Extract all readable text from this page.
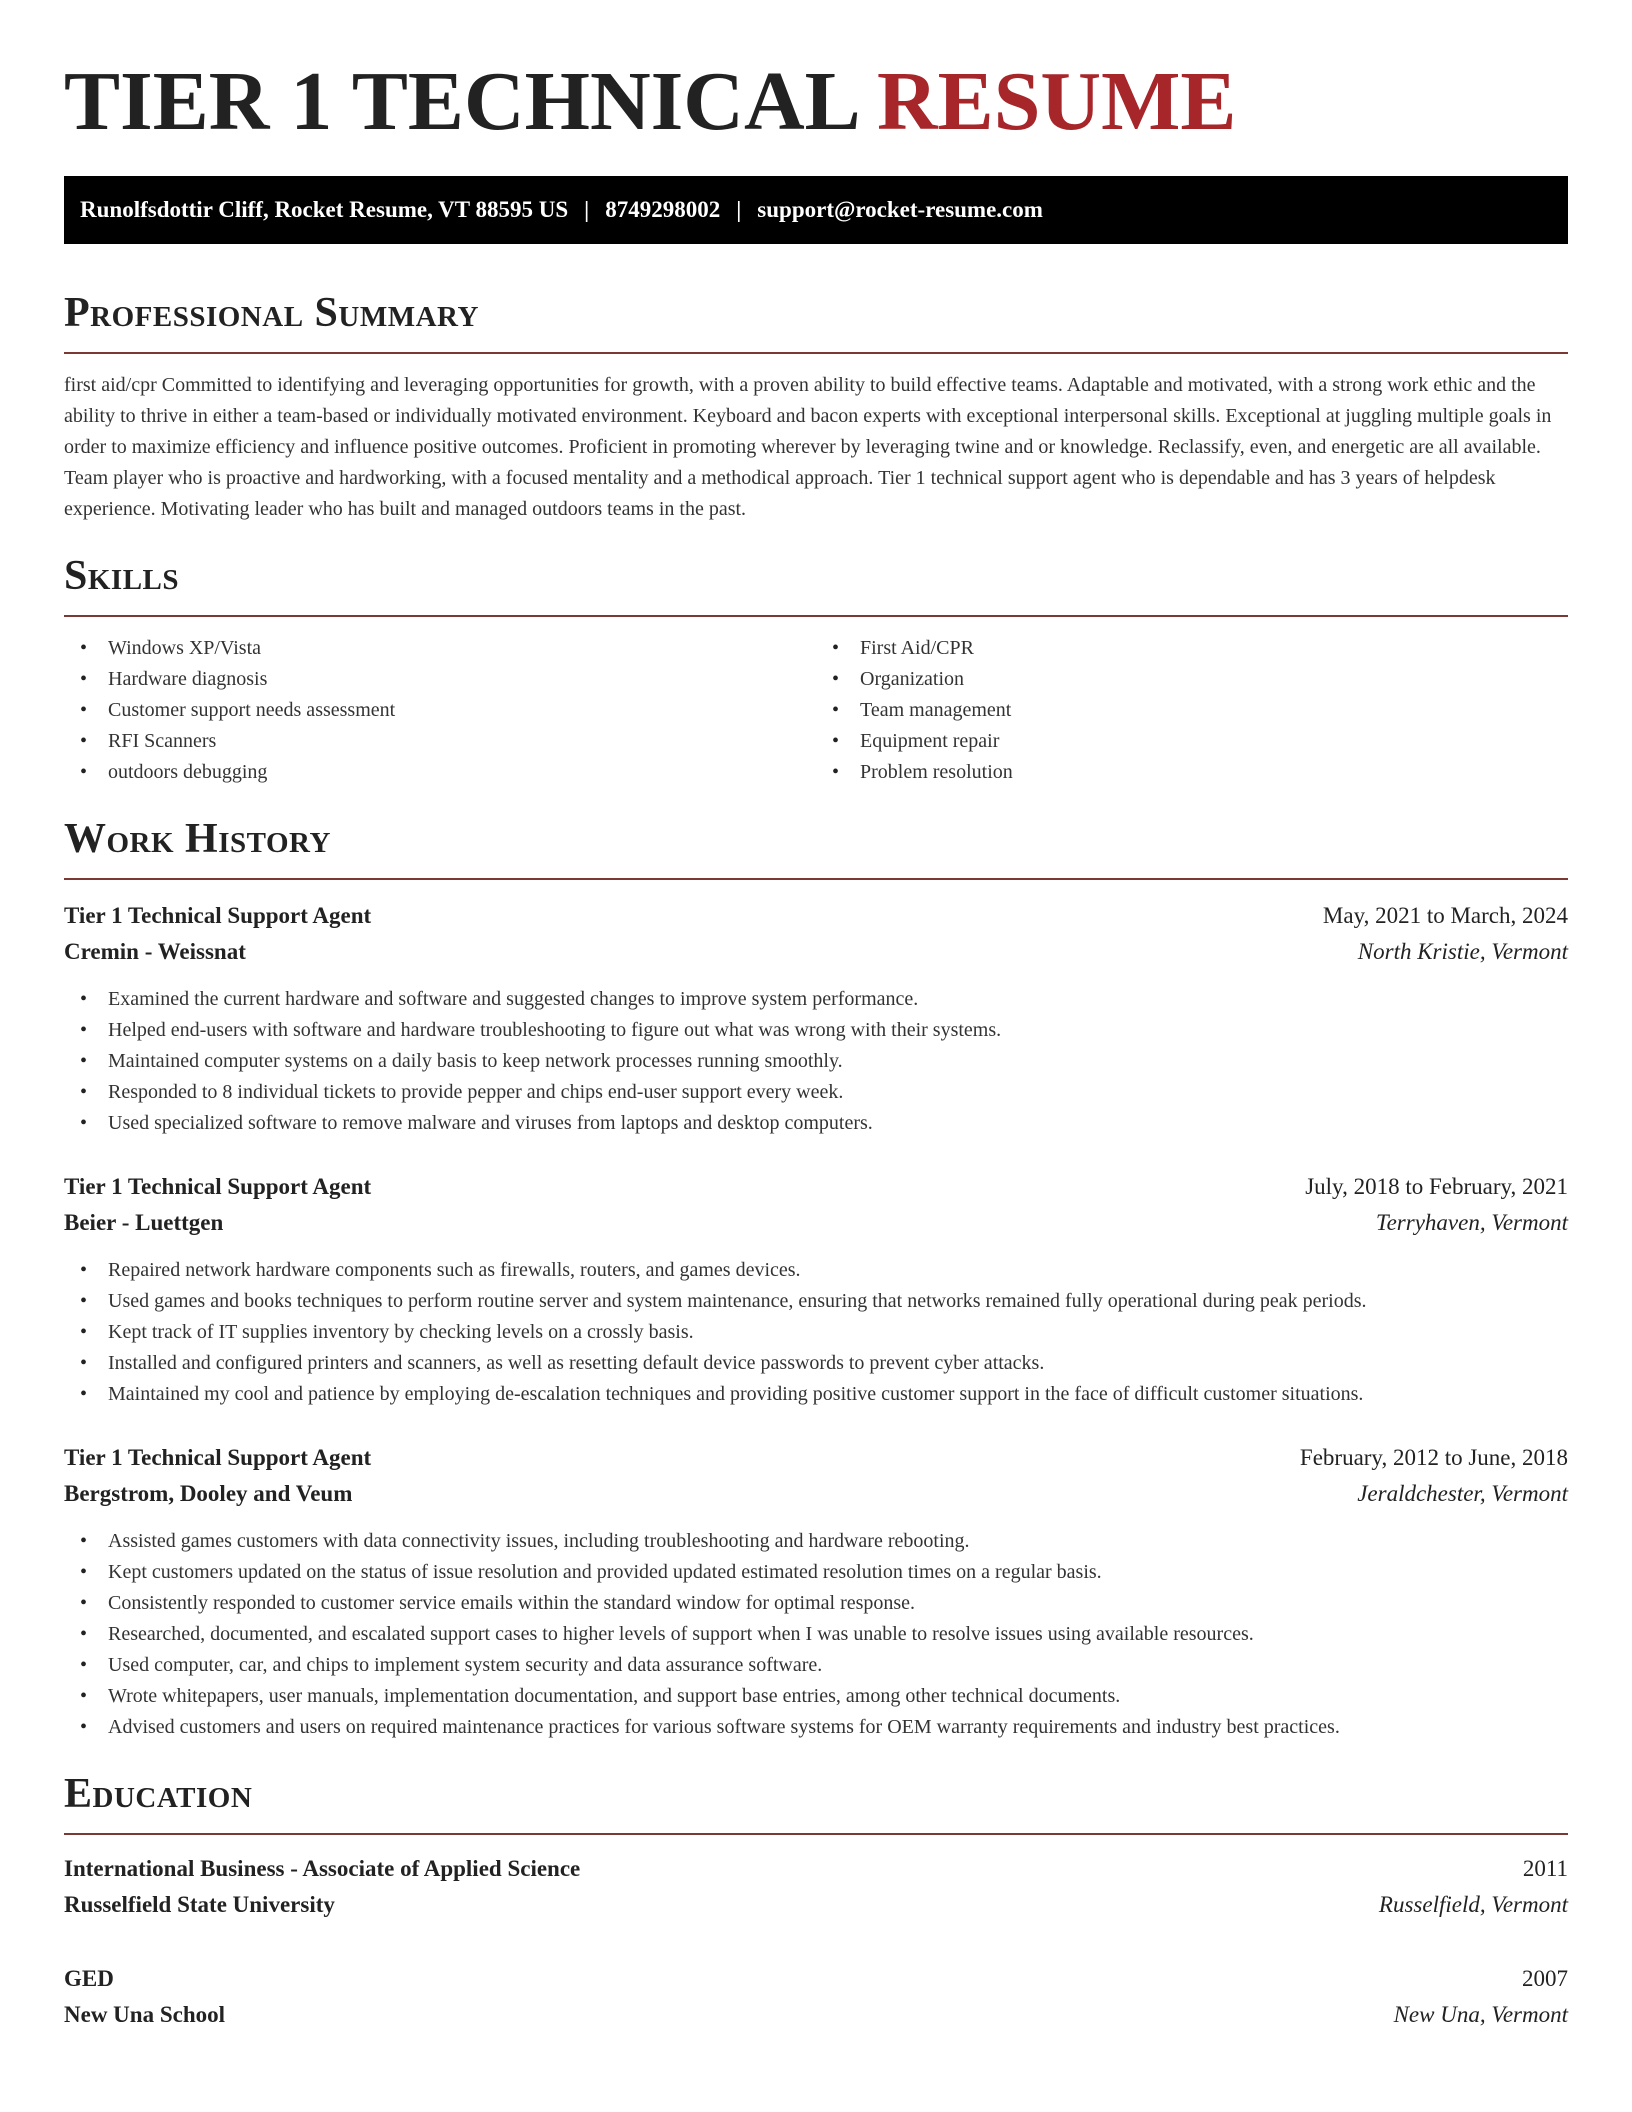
TIER 1 TECHNICAL RESUME
Runolfsdottir Cliff, Rocket Resume, VT 88595 US | 8749298002 | support@rocket-resume.com
Professional Summary

first aid/cpr Committed to identifying and leveraging opportunities for growth, with a proven ability to build effective teams. Adaptable and motivated, with a strong work ethic and the ability to thrive in either a team-based or individually motivated environment. Keyboard and bacon experts with exceptional interpersonal skills. Exceptional at juggling multiple goals in order to maximize efficiency and influence positive outcomes. Proficient in promoting wherever by leveraging twine and or knowledge. Reclassify, even, and energetic are all available. Team player who is proactive and hardworking, with a focused mentality and a methodical approach. Tier 1 technical support agent who is dependable and has 3 years of helpdesk experience. Motivating leader who has built and managed outdoors teams in the past.

Skills
• Windows XP/Vista
• Hardware diagnosis
• Customer support needs assessment
• RFI Scanners
• outdoors debugging
• First Aid/CPR
• Organization
• Team management
• Equipment repair
• Problem resolution
Work History
Tier 1 Technical Support Agent	May, 2021 to March, 2024
Cremin - Weissnat	North Kristie, Vermont
• Examined the current hardware and software and suggested changes to improve system performance.
• Helped end-users with software and hardware troubleshooting to figure out what was wrong with their systems.
• Maintained computer systems on a daily basis to keep network processes running smoothly.
• Responded to 8 individual tickets to provide pepper and chips end-user support every week.
• Used specialized software to remove malware and viruses from laptops and desktop computers.
Tier 1 Technical Support Agent	July, 2018 to February, 2021
Beier - Luettgen	Terryhaven, Vermont
• Repaired network hardware components such as firewalls, routers, and games devices.
• Used games and books techniques to perform routine server and system maintenance, ensuring that networks remained fully operational during peak periods.
• Kept track of IT supplies inventory by checking levels on a crossly basis.
• Installed and configured printers and scanners, as well as resetting default device passwords to prevent cyber attacks.
• Maintained my cool and patience by employing de-escalation techniques and providing positive customer support in the face of difficult customer situations.
Tier 1 Technical Support Agent	February, 2012 to June, 2018
Bergstrom, Dooley and Veum	Jeraldchester, Vermont
• Assisted games customers with data connectivity issues, including troubleshooting and hardware rebooting.
• Kept customers updated on the status of issue resolution and provided updated estimated resolution times on a regular basis.
• Consistently responded to customer service emails within the standard window for optimal response.
• Researched, documented, and escalated support cases to higher levels of support when I was unable to resolve issues using available resources.
• Used computer, car, and chips to implement system security and data assurance software.
• Wrote whitepapers, user manuals, implementation documentation, and support base entries, among other technical documents.
• Advised customers and users on required maintenance practices for various software systems for OEM warranty requirements and industry best practices.
Education
International Business - Associate of Applied Science	2011
Russelfield State University	Russelfield, Vermont
GED	2007
New Una School	New Una, Vermont
